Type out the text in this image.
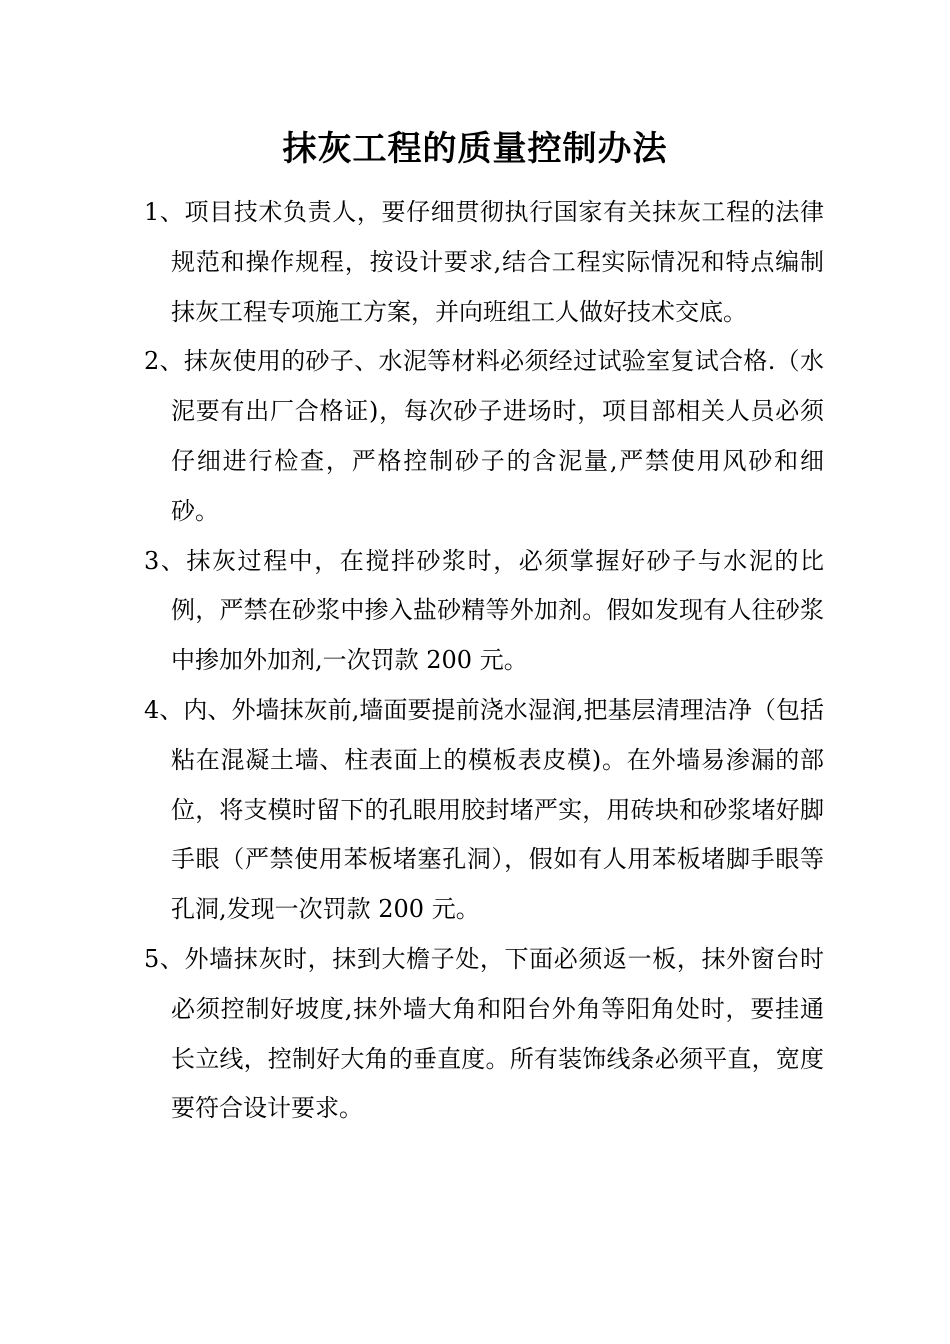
抹灰工程的质量控制办法
1、项目技术负责人，要仔细贯彻执行国家有关抹灰工程的法律规范和操作规程，按设计要求,结合工程实际情况和特点编制抹灰工程专项施工方案，并向班组工人做好技术交底。
2、抹灰使用的砂子、水泥等材料必须经过试验室复试合格.（水泥要有出厂合格证)，每次砂子进场时，项目部相关人员必须仔细进行检查，严格控制砂子的含泥量,严禁使用风砂和细砂。
3、抹灰过程中，在搅拌砂浆时，必须掌握好砂子与水泥的比例，严禁在砂浆中掺入盐砂精等外加剂。假如发现有人往砂浆中掺加外加剂,一次罚款 200 元。
4、内、外墙抹灰前,墙面要提前浇水湿润,把基层清理洁净（包括粘在混凝土墙、柱表面上的模板表皮模)。在外墙易渗漏的部位，将支模时留下的孔眼用胶封堵严实，用砖块和砂浆堵好脚手眼（严禁使用苯板堵塞孔洞），假如有人用苯板堵脚手眼等孔洞,发现一次罚款 200 元。
5、外墙抹灰时，抹到大檐子处，下面必须返一板，抹外窗台时必须控制好坡度,抹外墙大角和阳台外角等阳角处时，要挂通长立线，控制好大角的垂直度。所有装饰线条必须平直，宽度要符合设计要求。
